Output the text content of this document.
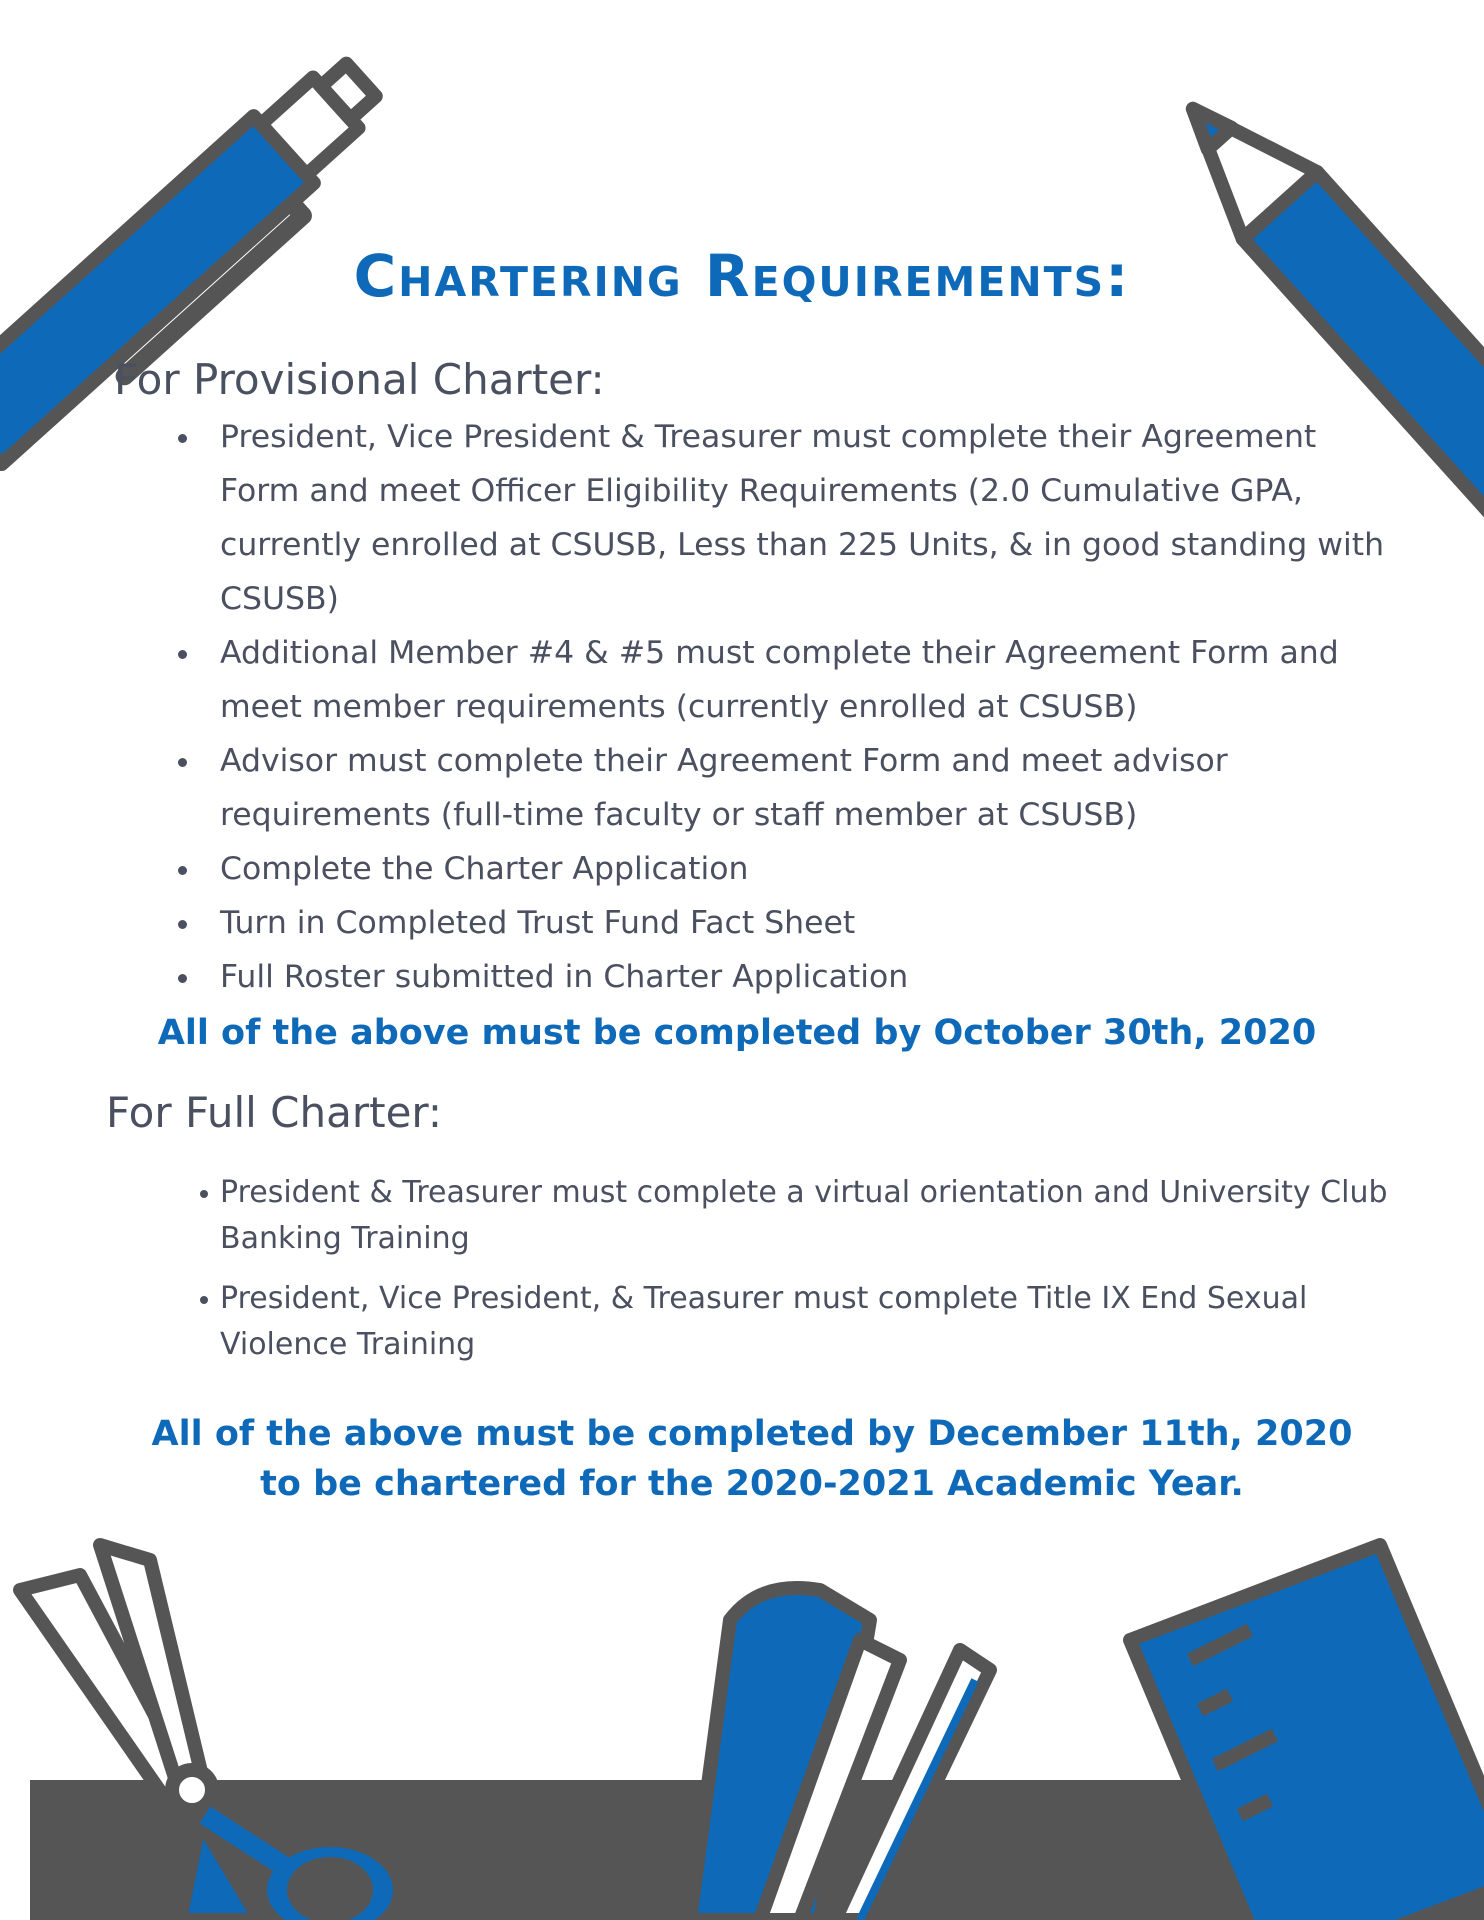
Chartering Requirements:
For Provisional Charter:
President, Vice President & Treasurer must complete their Agreement Form and meet Officer Eligibility Requirements (2.0 Cumulative GPA, currently enrolled at CSUSB, Less than 225 Units, & in good standing with CSUSB)
Additional Member #4 & #5 must complete their Agreement Form and meet member requirements (currently enrolled at CSUSB)
Advisor must complete their Agreement Form and meet advisor requirements (full-time faculty or staff member at CSUSB)
Complete the Charter Application
Turn in Completed Trust Fund Fact Sheet
Full Roster submitted in Charter Application
All of the above must be completed by October 30th, 2020
For Full Charter:
President & Treasurer must complete a virtual orientation and University Club Banking Training
President, Vice President, & Treasurer must complete Title IX End Sexual Violence Training
All of the above must be completed by December 11th, 2020
to be chartered for the 2020-2021 Academic Year.
